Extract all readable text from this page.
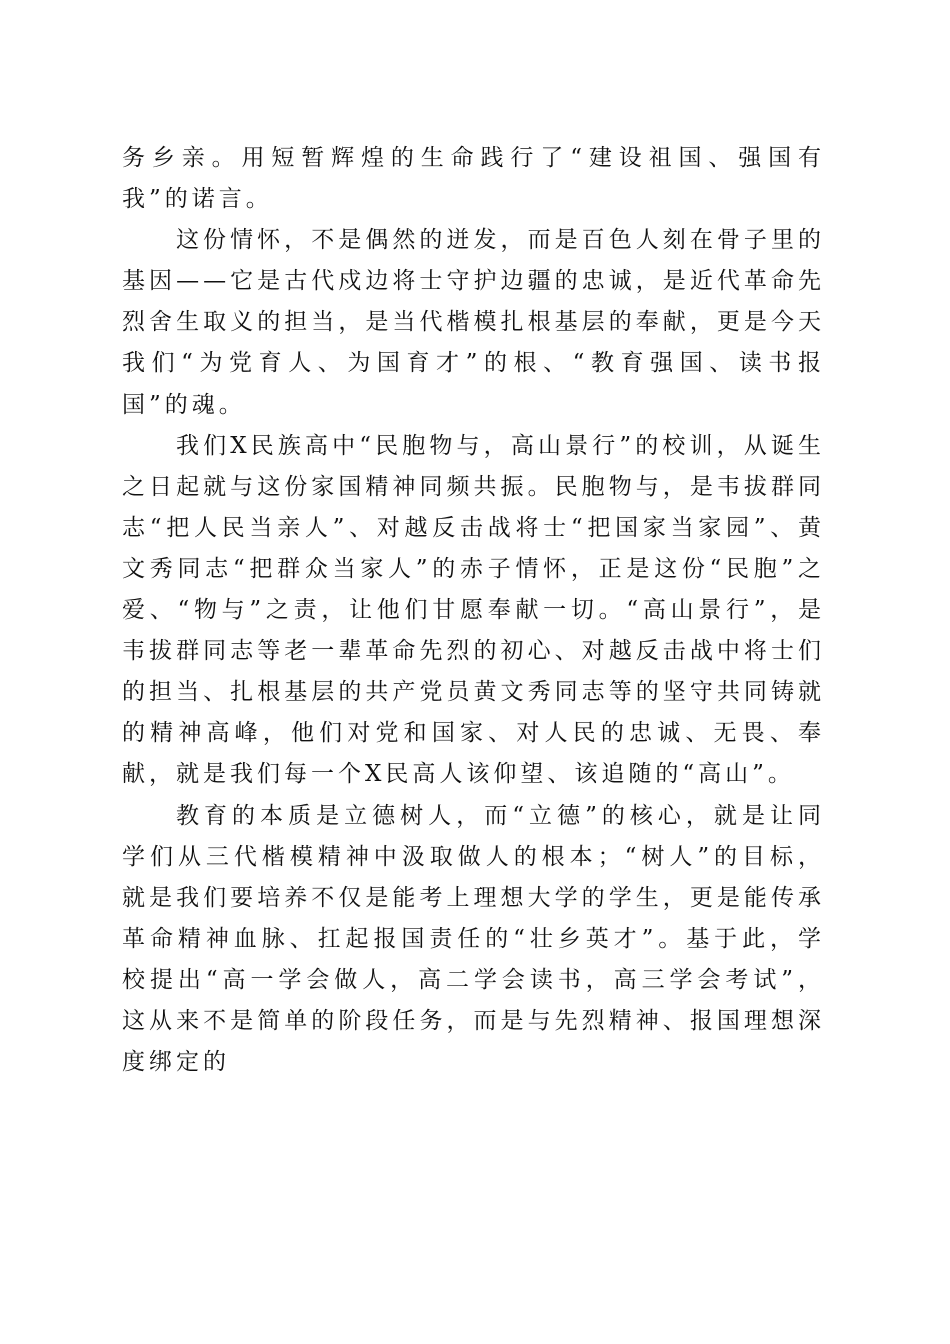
务乡亲。用短暂辉煌的生命践行了“建设祖国、强国有我”的诺言。

这份情怀，不是偶然的迸发，而是百色人刻在骨子里的基因——它是古代戍边将士守护边疆的忠诚，是近代革命先烈舍生取义的担当，是当代楷模扎根基层的奉献，更是今天我们“为党育人、为国育才”的根、“教育强国、读书报国”的魂。

我们X民族高中“民胞物与，高山景行”的校训，从诞生之日起就与这份家国精神同频共振。民胞物与，是韦拔群同志“把人民当亲人”、对越反击战将士“把国家当家园”、黄文秀同志“把群众当家人”的赤子情怀，正是这份“民胞”之爱、“物与”之责，让他们甘愿奉献一切。“高山景行”，是韦拔群同志等老一辈革命先烈的初心、对越反击战中将士们的担当、扎根基层的共产党员黄文秀同志等的坚守共同铸就的精神高峰，他们对党和国家、对人民的忠诚、无畏、奉献，就是我们每一个X民高人该仰望、该追随的“高山”。

教育的本质是立德树人，而“立德”的核心，就是让同学们从三代楷模精神中汲取做人的根本；“树人”的目标，就是我们要培养不仅是能考上理想大学的学生，更是能传承革命精神血脉、扛起报国责任的“壮乡英才”。基于此，学校提出“高一学会做人，高二学会读书，高三学会考试”，这从来不是简单的阶段任务，而是与先烈精神、报国理想深度绑定的
